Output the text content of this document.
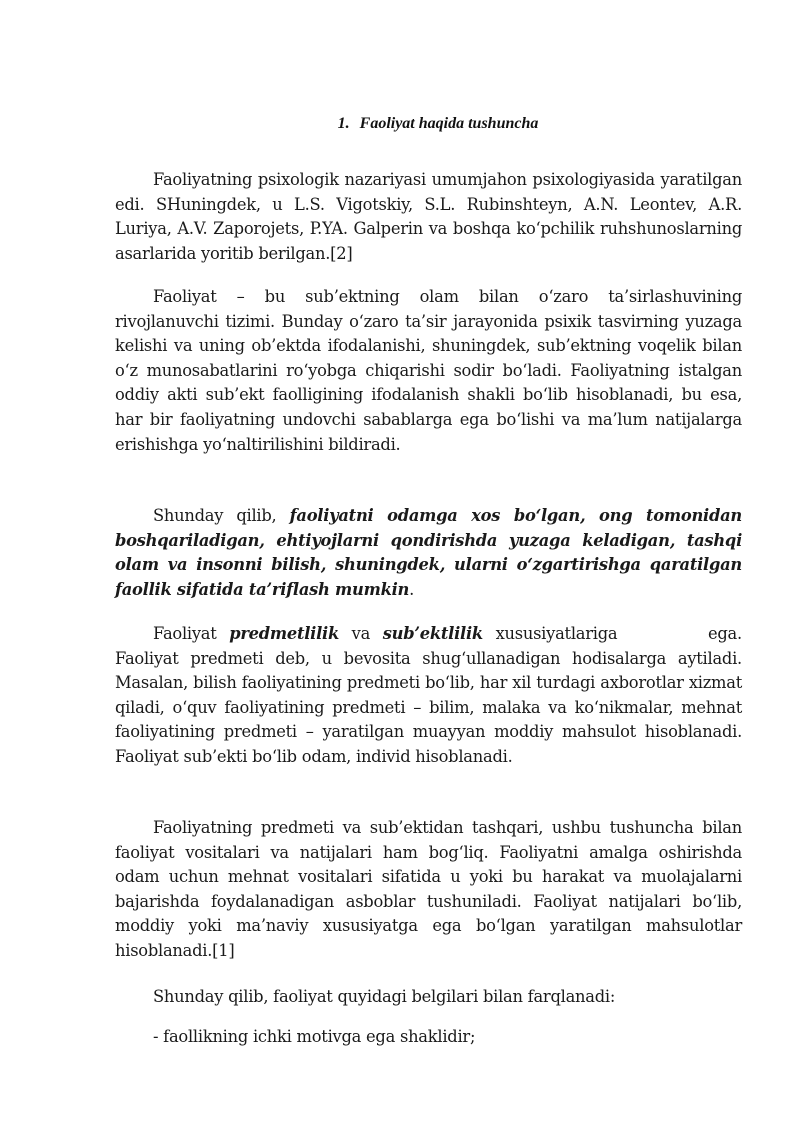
1. Faoliyat haqida tushuncha

Faoliyatning psixologik nazariyasi umumjahon psixologiyasida yaratilgan edi. SHuningdek, u L.S. Vigotskiy, S.L. Rubinshteyn, A.N. Leontev, A.R. Luriya, A.V. Zaporojets, P.YA. Galperin va boshqa ko‘pchilik ruhshunoslarning asarlarida yoritib berilgan.[2]

Faoliyat – bu sub’ektning olam bilan o‘zaro ta’sirlashuvining rivojlanuvchi tizimi. Bunday o‘zaro ta’sir jarayonida psixik tasvirning yuzaga kelishi va uning ob’ektda ifodalanishi, shuningdek, sub’ektning voqelik bilan o‘z munosabatlarini ro‘yobga chiqarishi sodir bo‘ladi. Faoliyatning istalgan oddiy akti sub’ekt faolligining ifodalanish shakli bo‘lib hisoblanadi, bu esa, har bir faoliyatning undovchi sabablarga ega bo‘lishi va ma’lum natijalarga erishishga yo‘naltirilishini bildiradi.

Shunday qilib, faoliyatni odamga xos bo‘lgan, ong tomonidan boshqariladigan, ehtiyojlarni qondirishda yuzaga keladigan, tashqi olam va insonni bilish, shuningdek, ularni o‘zgartirishga qaratilgan faollik sifatida ta’riflash mumkin.

Faoliyat predmetlilik va sub’ektlilik xususiyatlariga	ega. Faoliyat predmeti deb, u bevosita shug‘ullanadigan hodisalarga aytiladi. Masalan, bilish faoliyatining predmeti bo‘lib, har xil turdagi axborotlar xizmat qiladi, o‘quv faoliyatining predmeti – bilim, malaka va ko‘nikmalar, mehnat faoliyatining predmeti – yaratilgan muayyan moddiy mahsulot hisoblanadi. Faoliyat sub’ekti bo‘lib odam, individ hisoblanadi.

Faoliyatning predmeti va sub’ektidan tashqari, ushbu tushuncha bilan faoliyat vositalari va natijalari ham bog‘liq. Faoliyatni amalga oshirishda odam uchun mehnat vositalari sifatida u yoki bu harakat va muolajalarni bajarishda foydalanadigan asboblar tushuniladi. Faoliyat natijalari bo‘lib, moddiy yoki ma’naviy xususiyatga ega bo‘lgan yaratilgan mahsulotlar hisoblanadi.[1]

Shunday qilib, faoliyat quyidagi belgilari bilan farqlanadi:

- faollikning ichki motivga ega shaklidir;
